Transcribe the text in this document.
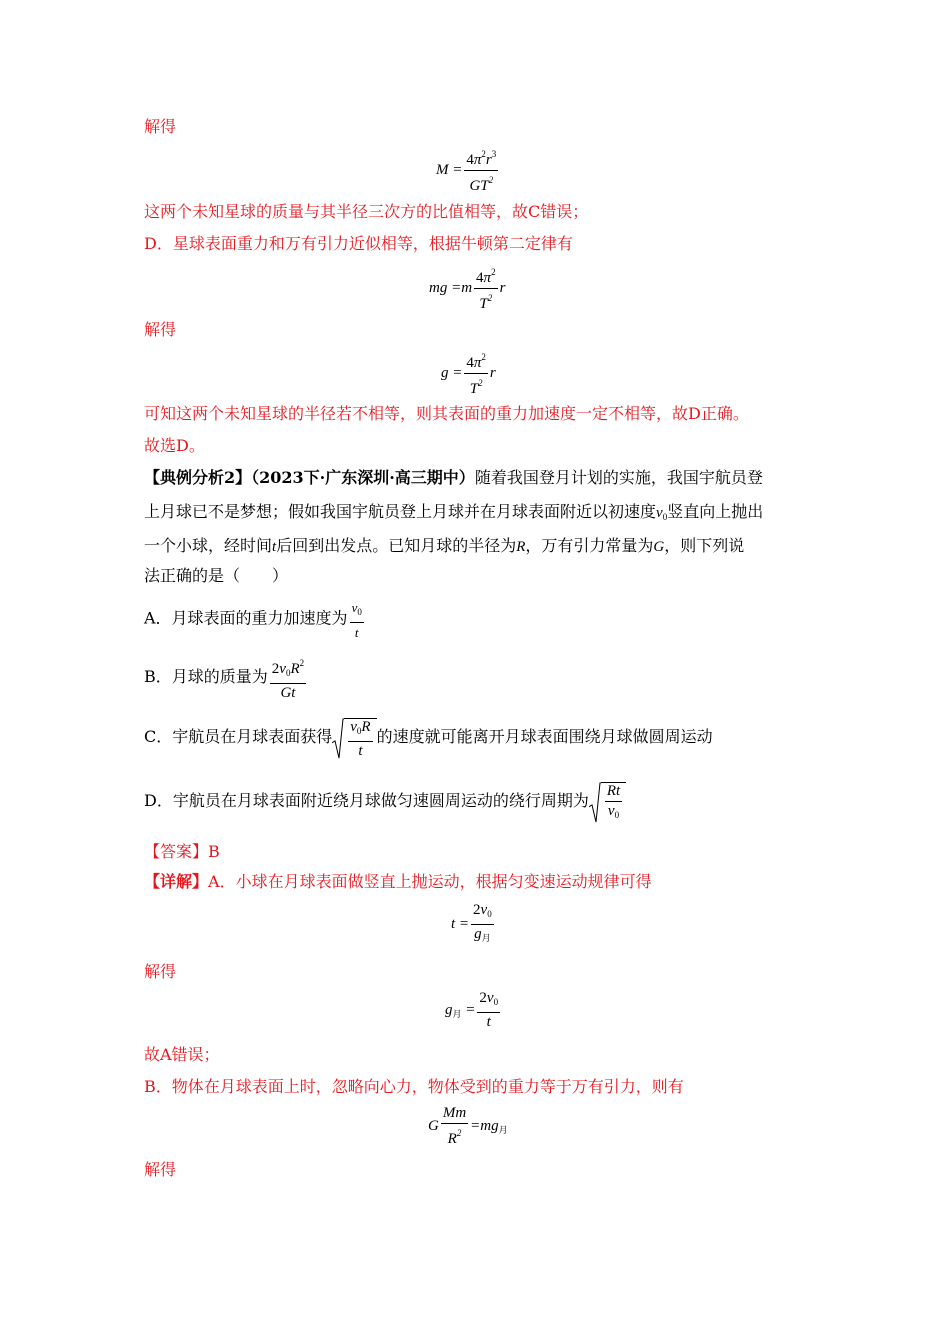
解得
$M = \frac{4\pi^2r^3}{GT^2}$
这两个未知星球的质量与其半径三次方的比值相等，故C错误；
D．星球表面重力和万有引力近似相等，根据牛顿第二定律有
mg $=m \frac{4\pi^2}{T^2}$ r
解得
$g = \frac{4\pi^2}{T^2}$ r
可知这两个未知星球的半径若不相等，则其表面的重力加速度一定不相等，故D正确。
故选D。
【典例分析2】（2023下·广东深圳·高三期中）随着我国登月计划的实施，我国宇航员登
上月球已不是梦想；假如我国宇航员登上月球并在月球表面附近以初速度$v_0$竖直向上抛出
一个小球，经时间t后回到出发点。已知月球的半径为R，万有引力常量为G，则下列说
法正确的是（　　）
A．月球表面的重力加速度为 $\frac{v_0}{t}$
B．月球的质量为 $\frac{2v_0R^2}{Gt}$
C．宇航员在月球表面获得 $\frac{v_0R}{t}$ 的速度就可能离开月球表面围绕月球做圆周运动
D．宇航员在月球表面附近绕月球做匀速圆周运动的绕行周期为 $\frac{Rt}{v_0}$
【答案】B
【详解】A．小球在月球表面做竖直上抛运动，根据匀变速运动规律可得
$t = \frac{2v_0}{g_月}$
解得
$g_月 = \frac{2v_0}{t}$
故A错误；
B．物体在月球表面上时，忽略向心力，物体受到的重力等于万有引力，则有
G $\frac{Mm}{R^2} =mg_月$
解得
